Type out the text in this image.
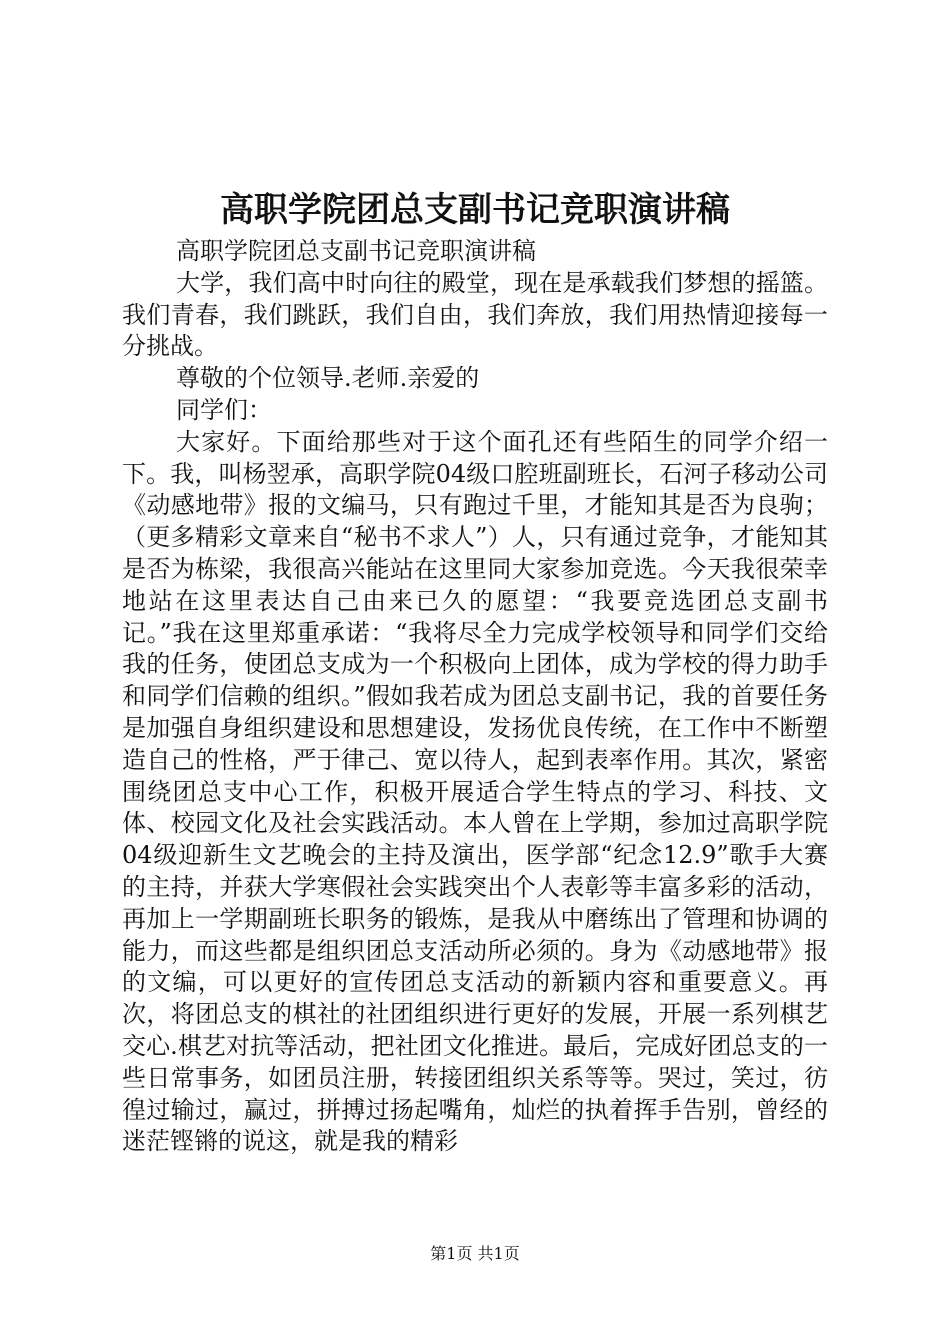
高职学院团总支副书记竞职演讲稿

高职学院团总支副书记竞职演讲稿

大学，我们高中时向往的殿堂，现在是承载我们梦想的摇篮。我们青春，我们跳跃，我们自由，我们奔放，我们用热情迎接每一分挑战。

尊敬的个位领导.老师.亲爱的

同学们：

大家好。下面给那些对于这个面孔还有些陌生的同学介绍一下。我，叫杨翌承，高职学院04级口腔班副班长，石河子移动公司《动感地带》报的文编马，只有跑过千里，才能知其是否为良驹；（更多精彩文章来自“秘书不求人”）人，只有通过竞争，才能知其是否为栋梁，我很高兴能站在这里同大家参加竞选。今天我很荣幸地站在这里表达自己由来已久的愿望：“我要竞选团总支副书记。”我在这里郑重承诺：“我将尽全力完成学校领导和同学们交给我的任务，使团总支成为一个积极向上团体，成为学校的得力助手和同学们信赖的组织。”假如我若成为团总支副书记，我的首要任务是加强自身组织建设和思想建设，发扬优良传统，在工作中不断塑造自己的性格，严于律己、宽以待人，起到表率作用。其次，紧密围绕团总支中心工作，积极开展适合学生特点的学习、科技、文体、校园文化及社会实践活动。本人曾在上学期，参加过高职学院04级迎新生文艺晚会的主持及演出，医学部“纪念12.9”歌手大赛的主持，并获大学寒假社会实践突出个人表彰等丰富多彩的活动，再加上一学期副班长职务的锻炼，是我从中磨练出了管理和协调的能力，而这些都是组织团总支活动所必须的。身为《动感地带》报的文编，可以更好的宣传团总支活动的新颖内容和重要意义。再次，将团总支的棋社的社团组织进行更好的发展，开展一系列棋艺交心.棋艺对抗等活动，把社团文化推进。最后，完成好团总支的一些日常事务，如团员注册，转接团组织关系等等。哭过，笑过，彷徨过输过，赢过，拼搏过扬起嘴角，灿烂的执着挥手告别，曾经的迷茫铿锵的说这，就是我的精彩

第1页 共1页
